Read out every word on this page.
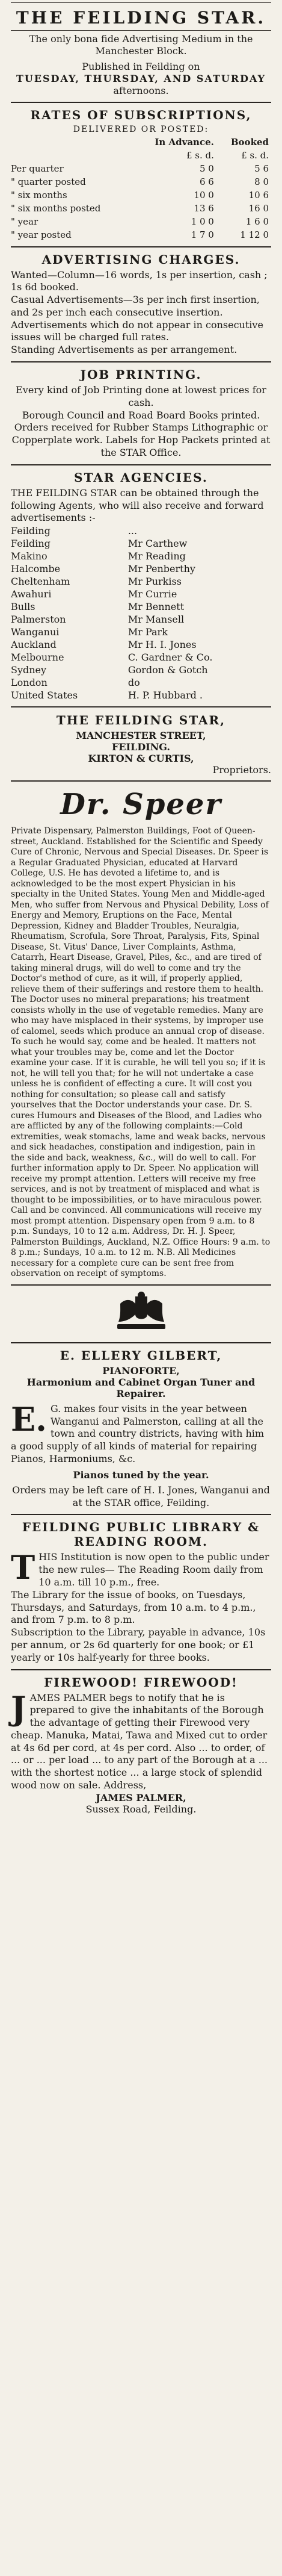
THE FEILDING STAR.
The only bona fide Advertising Medium in the Manchester Block.
Published in Feilding on
TUESDAY, THURSDAY, AND SATURDAY
afternoons.
RATES OF SUBSCRIPTIONS,
DELIVERED OR POSTED:
	In Advance.	Booked
	£ s. d.	£ s. d.
Per quarter	5 0	5 6
" quarter posted	6 6	8 0
" six months	10 0	10 6
" six months posted	13 6	16 0
" year	1 0 0	1 6 0
" year posted	1 7 0	1 12 0
ADVERTISING CHARGES.
Wanted—Column—16 words, 1s per insertion, cash ; 1s 6d booked.
Casual Advertisements—3s per inch first insertion, and 2s per inch each consecutive insertion. Advertisements which do not appear in consecutive issues will be charged full rates.
Standing Advertisements as per arrangement.
JOB PRINTING.
Every kind of Job Printing done at lowest prices for cash.
Borough Council and Road Board Books printed.
Orders received for Rubber Stamps Lithographic or Copperplate work. Labels for Hop Packets printed at the STAR Office.
STAR AGENCIES.
THE FEILDING STAR can be obtained through the following Agents, who will also receive and forward advertisements :-
Feilding	...
Feilding	Mr Carthew
Makino	Mr Reading
Halcombe	Mr Penberthy
Cheltenham	Mr Purkiss
Awahuri	Mr Currie
Bulls	Mr Bennett
Palmerston	Mr Mansell
Wanganui	Mr Park
Auckland	Mr H. I. Jones
Melbourne	C. Gardner & Co.
Sydney	Gordon & Gotch
London	do
United States	H. P. Hubbard .
THE FEILDING STAR,
MANCHESTER STREET,
FEILDING.
KIRTON & CURTIS,
Proprietors.
Dr. Speer
Private Dispensary, Palmerston Buildings, Foot of Queen-street, Auckland. Established for the Scientific and Speedy Cure of Chronic, Nervous and Special Diseases. Dr. Speer is a Regular Graduated Physician, educated at Harvard College, U.S. He has devoted a lifetime to, and is acknowledged to be the most expert Physician in his specialty in the United States. Young Men and Middle-aged Men, who suffer from Nervous and Physical Debility, Loss of Energy and Memory, Eruptions on the Face, Mental Depression, Kidney and Bladder Troubles, Neuralgia, Rheumatism, Scrofula, Sore Throat, Paralysis, Fits, Spinal Disease, St. Vitus' Dance, Liver Complaints, Asthma, Catarrh, Heart Disease, Gravel, Piles, &c., and are tired of taking mineral drugs, will do well to come and try the Doctor's method of cure, as it will, if properly applied, relieve them of their sufferings and restore them to health. The Doctor uses no mineral preparations; his treatment consists wholly in the use of vegetable remedies. Many are who may have misplaced in their systems, by improper use of calomel, seeds which produce an annual crop of disease. To such he would say, come and be healed. It matters not what your troubles may be, come and let the Doctor examine your case. If it is curable, he will tell you so; if it is not, he will tell you that; for he will not undertake a case unless he is confident of effecting a cure. It will cost you nothing for consultation; so please call and satisfy yourselves that the Doctor understands your case. Dr. S. cures Humours and Diseases of the Blood, and Ladies who are afflicted by any of the following complaints:—Cold extremities, weak stomachs, lame and weak backs, nervous and sick headaches, constipation and indigestion, pain in the side and back, weakness, &c., will do well to call. For further information apply to Dr. Speer. No application will receive my prompt attention. Letters will receive my free services, and is not by treatment of misplaced and what is thought to be impossibilities, or to have miraculous power. Call and be convinced. All communications will receive my most prompt attention. Dispensary open from 9 a.m. to 8 p.m. Sundays, 10 to 12 a.m. Address, Dr. H. J. Speer, Palmerston Buildings, Auckland, N.Z. Office Hours: 9 a.m. to 8 p.m.; Sundays, 10 a.m. to 12 m. N.B. All Medicines necessary for a complete cure can be sent free from observation on receipt of symptoms.
E. ELLERY GILBERT,
PIANOFORTE,
Harmonium and Cabinet Organ Tuner and Repairer.
E. G. makes four visits in the year between Wanganui and Palmerston, calling at all the town and country districts, having with him a good supply of all kinds of material for repairing Pianos, Harmoniums, &c.
Pianos tuned by the year.
Orders may be left care of H. I. Jones, Wanganui and at the STAR office, Feilding.
FEILDING PUBLIC LIBRARY & READING ROOM.
T HIS Institution is now open to the public under the new rules— The Reading Room daily from 10 a.m. till 10 p.m., free.
The Library for the issue of books, on Tuesdays, Thursdays, and Saturdays, from 10 a.m. to 4 p.m., and from 7 p.m. to 8 p.m.
Subscription to the Library, payable in advance, 10s per annum, or 2s 6d quarterly for one book; or £1 yearly or 10s half-yearly for three books.
FIREWOOD! FIREWOOD!
J AMES PALMER begs to notify that he is prepared to give the inhabitants of the Borough the advantage of getting their Firewood very cheap. Manuka, Matai, Tawa and Mixed cut to order at 4s 6d per cord, at 4s per cord. Also ... to order, of ... or ... per load ... to any part of the Borough at a ... with the shortest notice ... a large stock of splendid wood now on sale. Address,
JAMES PALMER,
Sussex Road, Feilding.
